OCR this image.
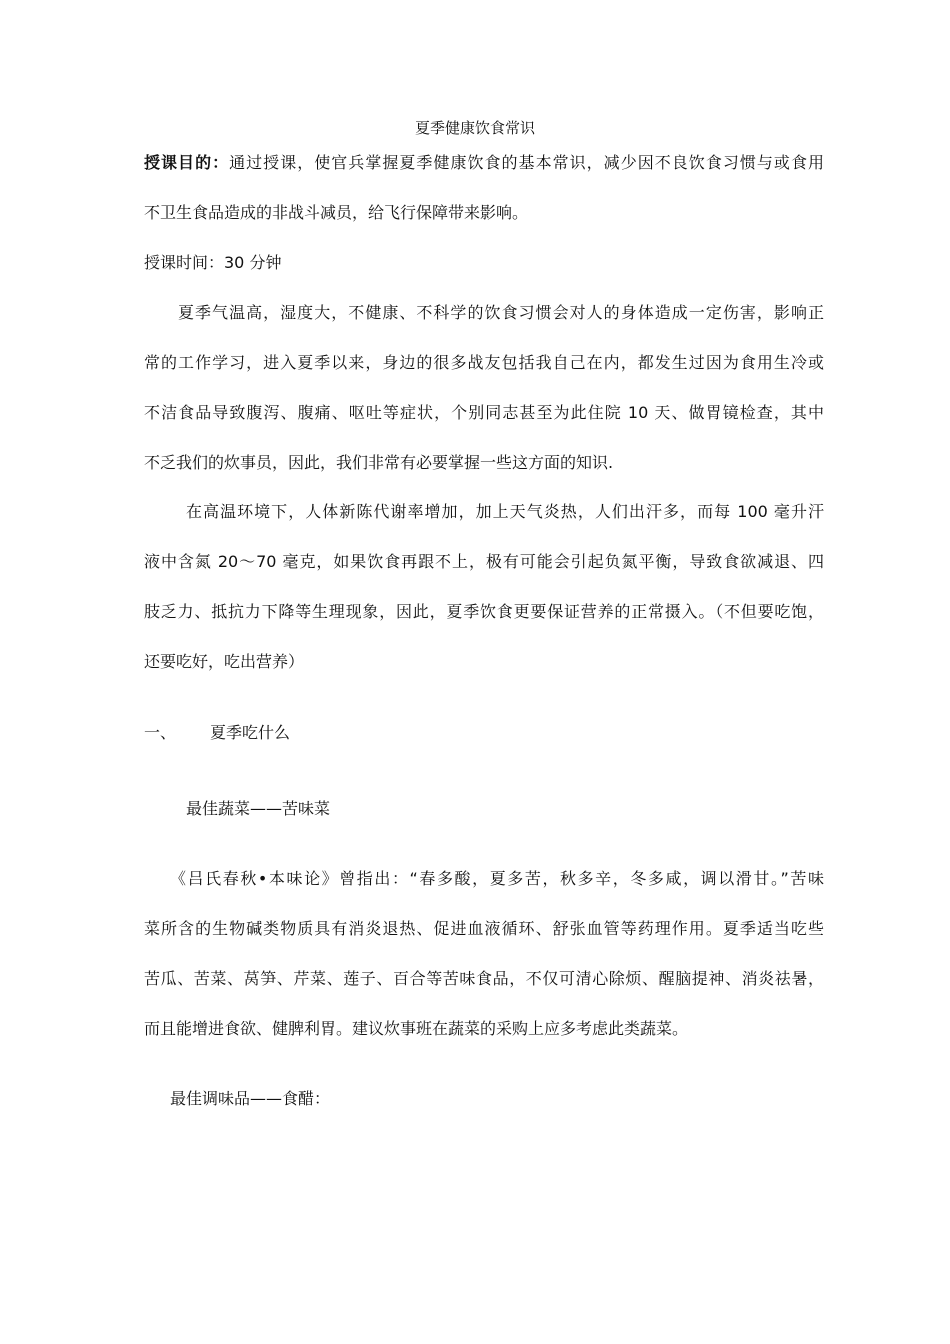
夏季健康饮食常识
授课目的：通过授课，使官兵掌握夏季健康饮食的基本常识，减少因不良饮食习惯与或食用
不卫生食品造成的非战斗减员，给飞行保障带来影响。
授课时间：30 分钟
夏季气温高，湿度大，不健康、不科学的饮食习惯会对人的身体造成一定伤害，影响正
常的工作学习，进入夏季以来，身边的很多战友包括我自己在内，都发生过因为食用生冷或
不洁食品导致腹泻、腹痛、呕吐等症状，个别同志甚至为此住院 10 天、做胃镜检查，其中
不乏我们的炊事员，因此，我们非常有必要掌握一些这方面的知识.
在高温环境下，人体新陈代谢率增加，加上天气炎热，人们出汗多，而每 100 毫升汗
液中含氮 20～70 毫克，如果饮食再跟不上，极有可能会引起负氮平衡，导致食欲减退、四
肢乏力、抵抗力下降等生理现象，因此，夏季饮食更要保证营养的正常摄入。（不但要吃饱，
还要吃好，吃出营养）
一、 夏季吃什么
最佳蔬菜——苦味菜
《吕氏春秋•本味论》曾指出：“春多酸，夏多苦，秋多辛，冬多咸，调以滑甘。”苦味
菜所含的生物碱类物质具有消炎退热、促进血液循环、舒张血管等药理作用。夏季适当吃些
苦瓜、苦菜、莴笋、芹菜、莲子、百合等苦味食品，不仅可清心除烦、醒脑提神、消炎祛暑，
而且能增进食欲、健脾利胃。建议炊事班在蔬菜的采购上应多考虑此类蔬菜。
最佳调味品——食醋：
